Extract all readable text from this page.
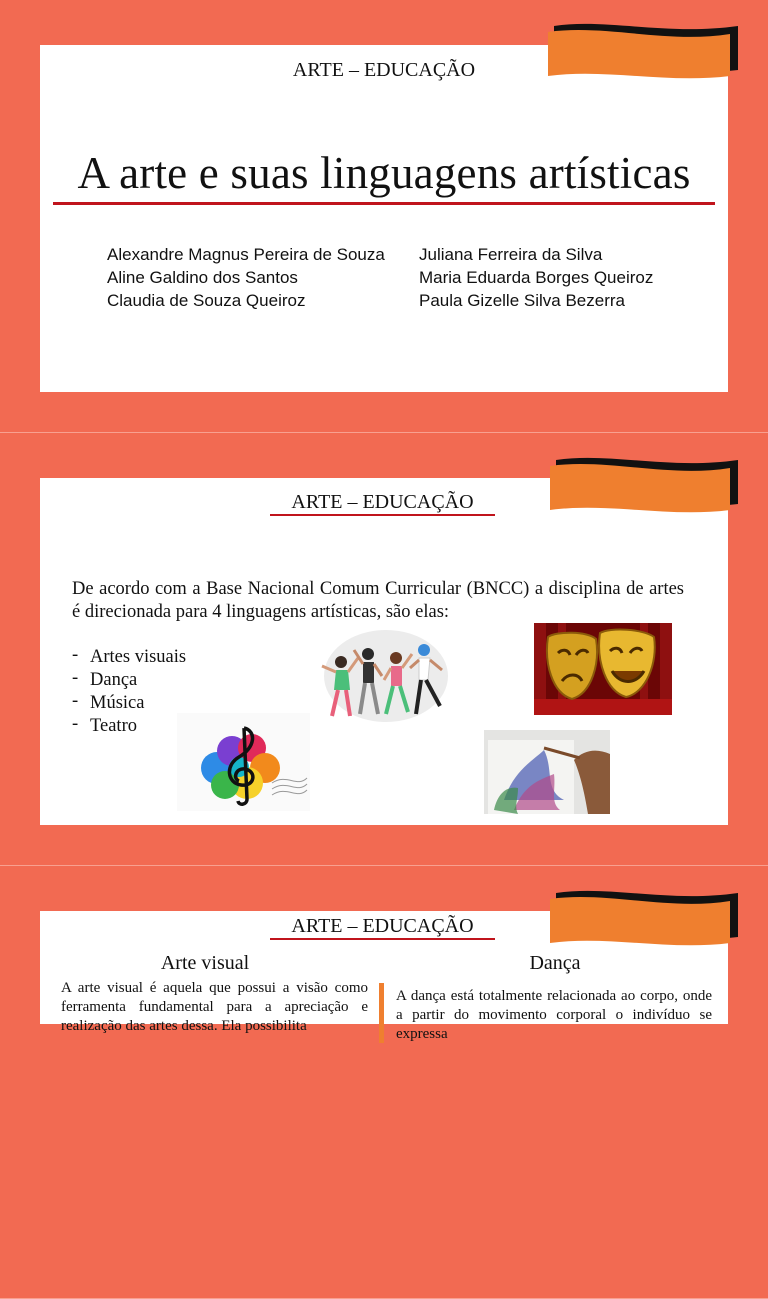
ARTE – EDUCAÇÃO
A arte e suas linguagens artísticas
Alexandre Magnus Pereira de Souza
Aline Galdino dos Santos
Claudia de Souza Queiroz
Juliana Ferreira da Silva
Maria Eduarda Borges Queiroz
Paula Gizelle Silva Bezerra
ARTE – EDUCAÇÃO
De acordo com a Base Nacional Comum Curricular (BNCC) a disciplina de artes é direcionada para 4 linguagens artísticas, são elas:
- Artes visuais
- Dança
- Música
- Teatro
ARTE – EDUCAÇÃO
Arte visual
A arte visual é aquela que possui a visão como ferramenta fundamental para a apreciação e realização das artes dessa. Ela possibilita
Dança
A dança está totalmente relacionada ao corpo, onde a partir do movimento corporal o indivíduo se expressa
